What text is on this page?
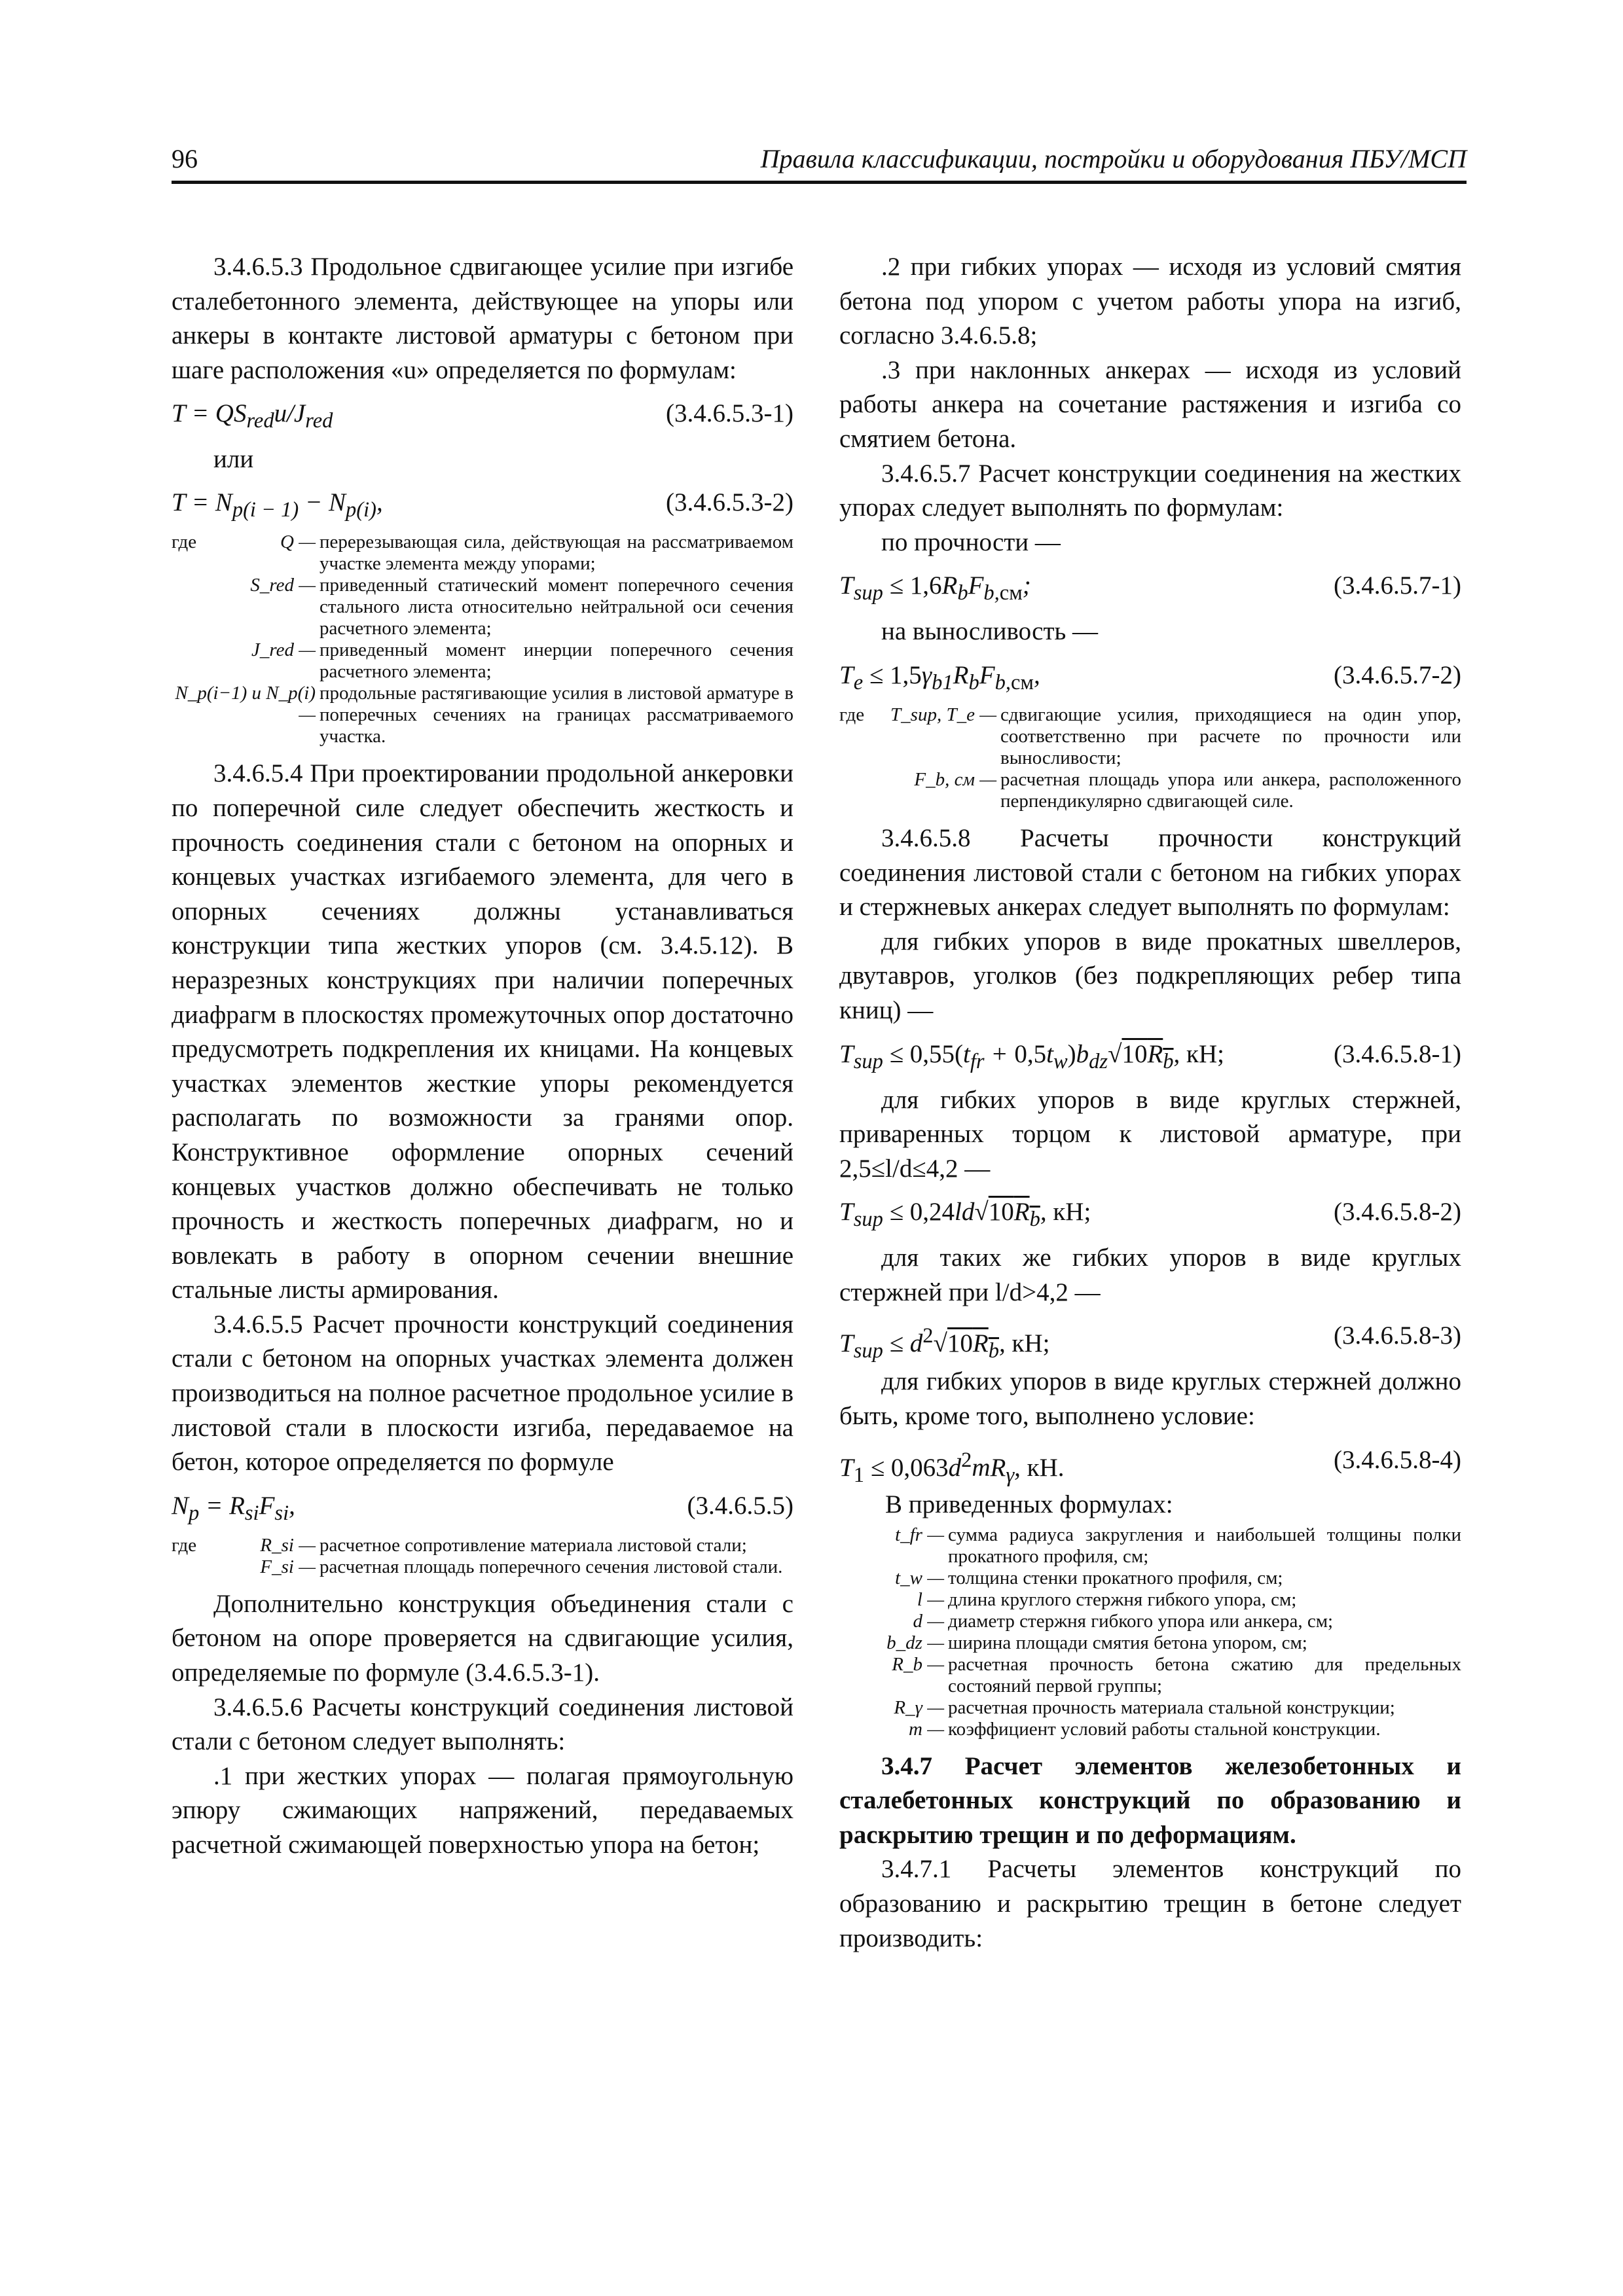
96	Правила классификации, постройки и оборудования ПБУ/МСП

3.4.6.5.3 Продольное сдвигающее усилие при изгибе сталебетонного элемента, действующее на упоры или анкеры в контакте листовой арматуры с бетоном при шаге расположения «u» определяется по формулам:

$T = QS_{red}u/J_{red}$	(3.4.6.5.3-1)
или
$T = N_{p(i - 1)} - N_{p(i)}$,	(3.4.6.5.3-2)
где	Q — перерезывающая сила, действующая на рассматриваемом участке элемента между упорами;
S_red — приведенный статический момент поперечного сечения стального листа относительно нейтральной оси сечения расчетного элемента;
J_red — приведенный момент инерции поперечного сечения расчетного элемента;
N_p(i−1) и N_p(i) —
продольные растягивающие усилия в листовой арматуре в поперечных сечениях на границах рассматриваемого участка.

3.4.6.5.4 При проектировании продольной анкеровки по поперечной силе следует обеспечить жесткость и прочность соединения стали с бетоном на опорных и концевых участках изгибаемого элемента, для чего в опорных сечениях должны устанавливаться конструкции типа жестких упоров (см. 3.4.5.12). В неразрезных конструкциях при наличии поперечных диафрагм в плоскостях промежуточных опор достаточно предусмотреть подкрепления их кницами. На концевых участках элементов жесткие упоры рекомендуется располагать по возможности за гранями опор. Конструктивное оформление опорных сечений концевых участков должно обеспечивать не только прочность и жесткость поперечных диафрагм, но и вовлекать в работу в опорном сечении внешние стальные листы армирования.

3.4.6.5.5 Расчет прочности конструкций соединения стали с бетоном на опорных участках элемента должен производиться на полное расчетное продольное усилие в листовой стали в плоскости изгиба, передаваемое на бетон, которое определяется по формуле

$N_p = R_{si}F_{si}$,	(3.4.6.5.5)
где	R_si — расчетное сопротивление материала листовой стали;
F_si — расчетная площадь поперечного сечения листовой стали.

Дополнительно конструкция объединения стали с бетоном на опоре проверяется на сдвигающие усилия, определяемые по формуле (3.4.6.5.3-1).

3.4.6.5.6 Расчеты конструкций соединения листовой стали с бетоном следует выполнять:

.1 при жестких упорах — полагая прямоугольную эпюру сжимающих напряжений, передаваемых расчетной сжимающей поверхностью упора на бетон;

.2 при гибких упорах — исходя из условий смятия бетона под упором с учетом работы упора на изгиб, согласно 3.4.6.5.8;

.3 при наклонных анкерах — исходя из условий работы анкера на сочетание растяжения и изгиба со смятием бетона.

3.4.6.5.7 Расчет конструкции соединения на жестких упорах следует выполнять по формулам:

по прочности —

$T_{sup} \le 1,6R_bF_{b,см}$;	(3.4.6.5.7-1)

на выносливость —

$T_e \le 1,5\gamma_{b1}R_bF_{b,см}$,	(3.4.6.5.7-2)
где	T_sup, T_e — сдвигающие усилия, приходящиеся на один упор, соответственно при расчете по прочности или выносливости;
F_b, см — расчетная площадь упора или анкера, расположенного перпендикулярно сдвигающей силе.

3.4.6.5.8 Расчеты прочности конструкций соединения листовой стали с бетоном на гибких упорах и стержневых анкерах следует выполнять по формулам:

для гибких упоров в виде прокатных швеллеров, двутавров, уголков (без подкрепляющих ребер типа книц) —

$T_{sup} \le 0,55(t_{fr} + 0,5t_w)b_{dz}√10R_b$, кН;	(3.4.6.5.8-1)

для гибких упоров в виде круглых стержней, приваренных торцом к листовой арматуре, при 2,5≤l/d≤4,2 —

$T_{sup} \le 0,24ld√10R_b$, кН;	(3.4.6.5.8-2)

для таких же гибких упоров в виде круглых стержней при l/d>4,2 —

$T_{sup} \le d^2√10R_b$, кН;	(3.4.6.5.8-3)

для гибких упоров в виде круглых стержней должно быть, кроме того, выполнено условие:

$T_1 \le 0,063d^2mR_\gamma$, кН.	(3.4.6.5.8-4)
В приведенных формулах:
t_fr — сумма радиуса закругления и наибольшей толщины полки прокатного профиля, см;
t_w — толщина стенки прокатного профиля, см;
l — длина круглого стержня гибкого упора, см;
d — диаметр стержня гибкого упора или анкера, см;
b_dz — ширина площади смятия бетона упором, см;
R_b — расчетная прочность бетона сжатию для предельных состояний первой группы;
R_γ — расчетная прочность материала стальной конструкции;
m — коэффициент условий работы стальной конструкции.

3.4.7 Расчет элементов железобетонных и сталебетонных конструкций по образованию и раскрытию трещин и по деформациям.

3.4.7.1 Расчеты элементов конструкций по образованию и раскрытию трещин в бетоне следует производить:
